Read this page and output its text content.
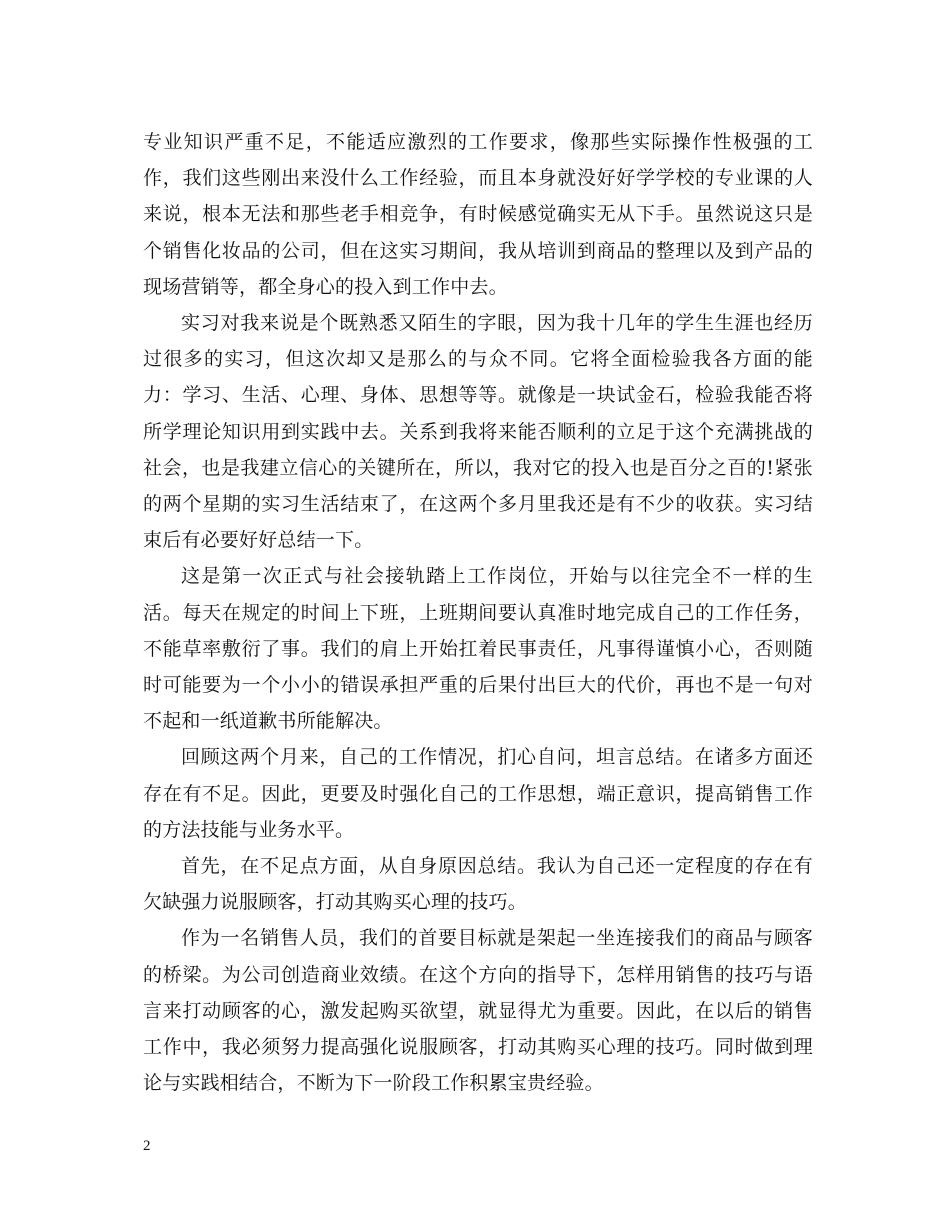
专业知识严重不足，不能适应激烈的工作要求，像那些实际操作性极强的工作，我们这些刚出来没什么工作经验，而且本身就没好好学学校的专业课的人来说，根本无法和那些老手相竞争，有时候感觉确实无从下手。虽然说这只是个销售化妆品的公司，但在这实习期间，我从培训到商品的整理以及到产品的现场营销等，都全身心的投入到工作中去。

实习对我来说是个既熟悉又陌生的字眼，因为我十几年的学生生涯也经历过很多的实习，但这次却又是那么的与众不同。它将全面检验我各方面的能力：学习、生活、心理、身体、思想等等。就像是一块试金石，检验我能否将所学理论知识用到实践中去。关系到我将来能否顺利的立足于这个充满挑战的社会，也是我建立信心的关键所在，所以，我对它的投入也是百分之百的!紧张的两个星期的实习生活结束了，在这两个多月里我还是有不少的收获。实习结束后有必要好好总结一下。

这是第一次正式与社会接轨踏上工作岗位，开始与以往完全不一样的生活。每天在规定的时间上下班，上班期间要认真准时地完成自己的工作任务，不能草率敷衍了事。我们的肩上开始扛着民事责任，凡事得谨慎小心，否则随时可能要为一个小小的错误承担严重的后果付出巨大的代价，再也不是一句对不起和一纸道歉书所能解决。

回顾这两个月来，自己的工作情况，扪心自问，坦言总结。在诸多方面还存在有不足。因此，更要及时强化自己的工作思想，端正意识，提高销售工作的方法技能与业务水平。

首先，在不足点方面，从自身原因总结。我认为自己还一定程度的存在有欠缺强力说服顾客，打动其购买心理的技巧。

作为一名销售人员，我们的首要目标就是架起一坐连接我们的商品与顾客的桥梁。为公司创造商业效绩。在这个方向的指导下，怎样用销售的技巧与语言来打动顾客的心，激发起购买欲望，就显得尤为重要。因此，在以后的销售工作中，我必须努力提高强化说服顾客，打动其购买心理的技巧。同时做到理论与实践相结合，不断为下一阶段工作积累宝贵经验。

2
